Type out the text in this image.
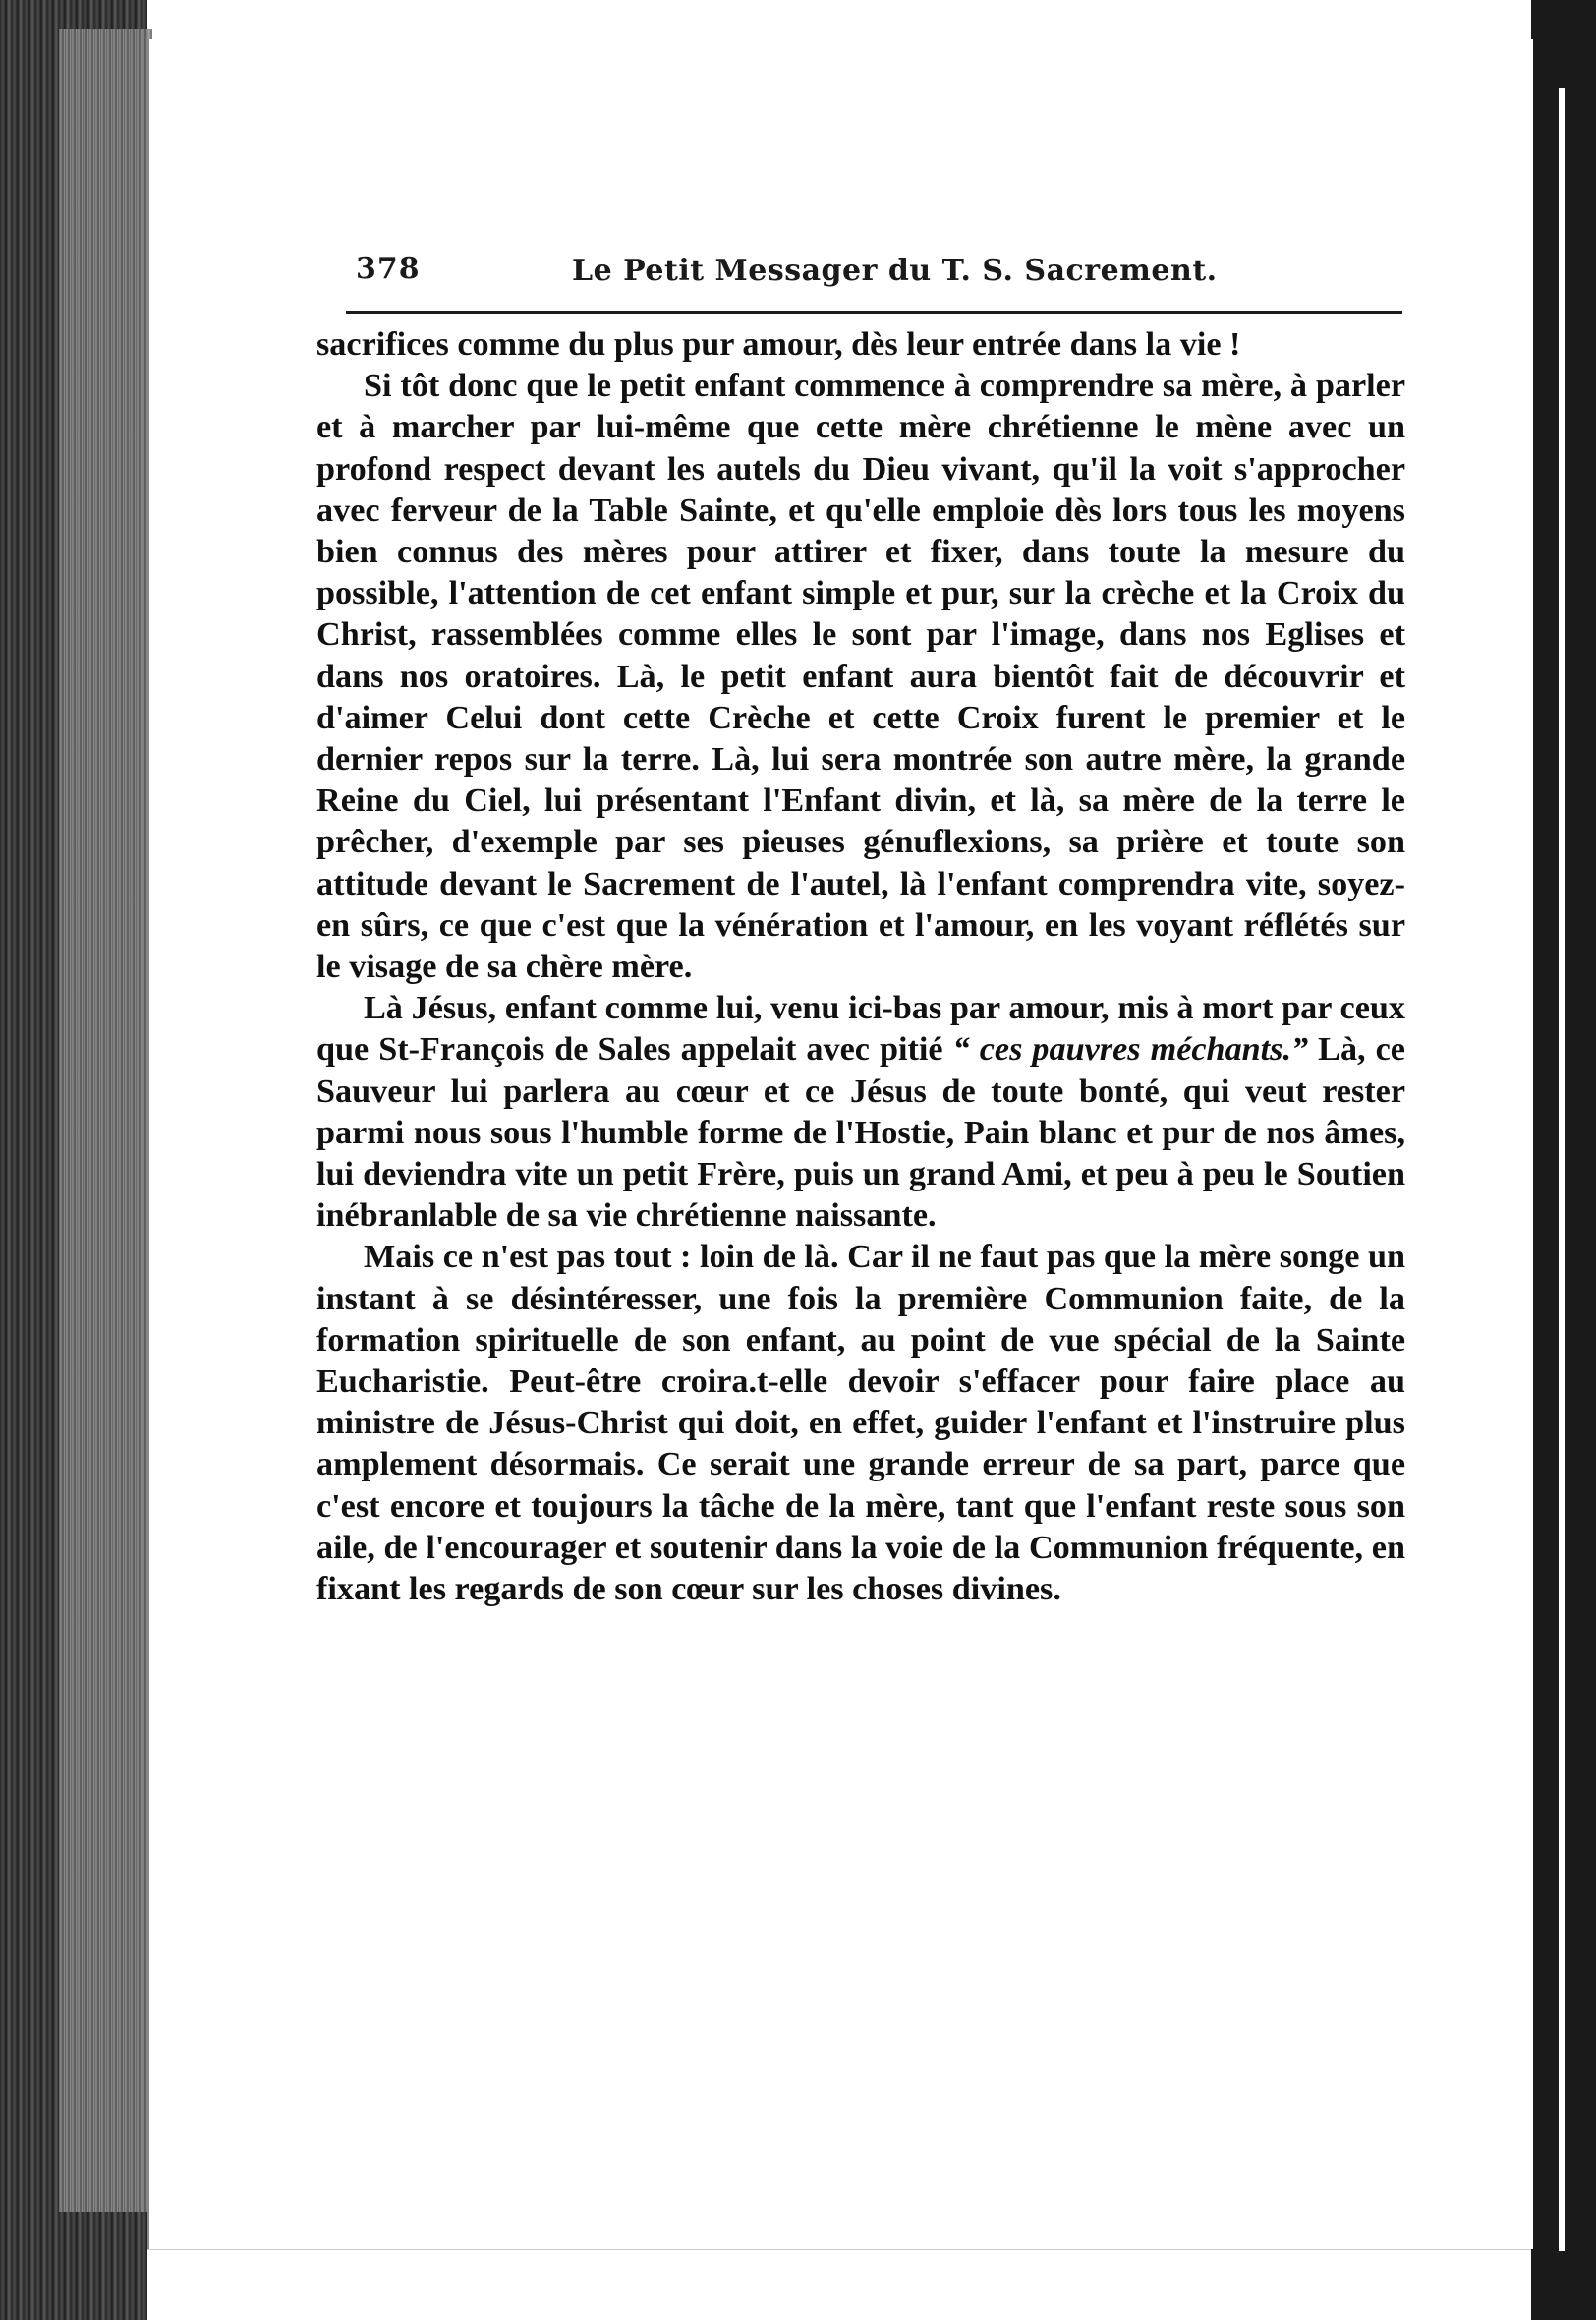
378	Le Petit Messager du T. S. Sacrement.

sacrifices comme du plus pur amour, dès leur entrée dans la vie !

Si tôt donc que le petit enfant commence à comprendre sa mère, à parler et à marcher par lui-même que cette mère chrétienne le mène avec un profond respect devant les autels du Dieu vivant, qu'il la voit s'approcher avec ferveur de la Table Sainte, et qu'elle emploie dès lors tous les moyens bien connus des mères pour attirer et fixer, dans toute la mesure du possible, l'attention de cet enfant simple et pur, sur la crèche et la Croix du Christ, rassemblées comme elles le sont par l'image, dans nos Eglises et dans nos oratoires. Là, le petit enfant aura bientôt fait de découvrir et d'aimer Celui dont cette Crèche et cette Croix furent le premier et le dernier repos sur la terre. Là, lui sera montrée son autre mère, la grande Reine du Ciel, lui présentant l'Enfant divin, et là, sa mère de la terre le prêcher, d'exemple par ses pieuses génuflexions, sa prière et toute son attitude devant le Sacrement de l'autel, là l'enfant comprendra vite, soyez-en sûrs, ce que c'est que la vénération et l'amour, en les voyant réflétés sur le visage de sa chère mère.

Là Jésus, enfant comme lui, venu ici-bas par amour, mis à mort par ceux que St-François de Sales appelait avec pitié “ ces pauvres méchants.” Là, ce Sauveur lui parlera au cœur et ce Jésus de toute bonté, qui veut rester parmi nous sous l'humble forme de l'Hostie, Pain blanc et pur de nos âmes, lui deviendra vite un petit Frère, puis un grand Ami, et peu à peu le Soutien inébranlable de sa vie chrétienne naissante.

Mais ce n'est pas tout : loin de là. Car il ne faut pas que la mère songe un instant à se désintéresser, une fois la première Communion faite, de la formation spirituelle de son enfant, au point de vue spécial de la Sainte Eucharistie. Peut-être croira.t-elle devoir s'effacer pour faire place au ministre de Jésus-Christ qui doit, en effet, guider l'enfant et l'instruire plus amplement désormais. Ce serait une grande erreur de sa part, parce que c'est encore et toujours la tâche de la mère, tant que l'enfant reste sous son aile, de l'encourager et soutenir dans la voie de la Communion fréquente, en fixant les regards de son cœur sur les choses divines.
